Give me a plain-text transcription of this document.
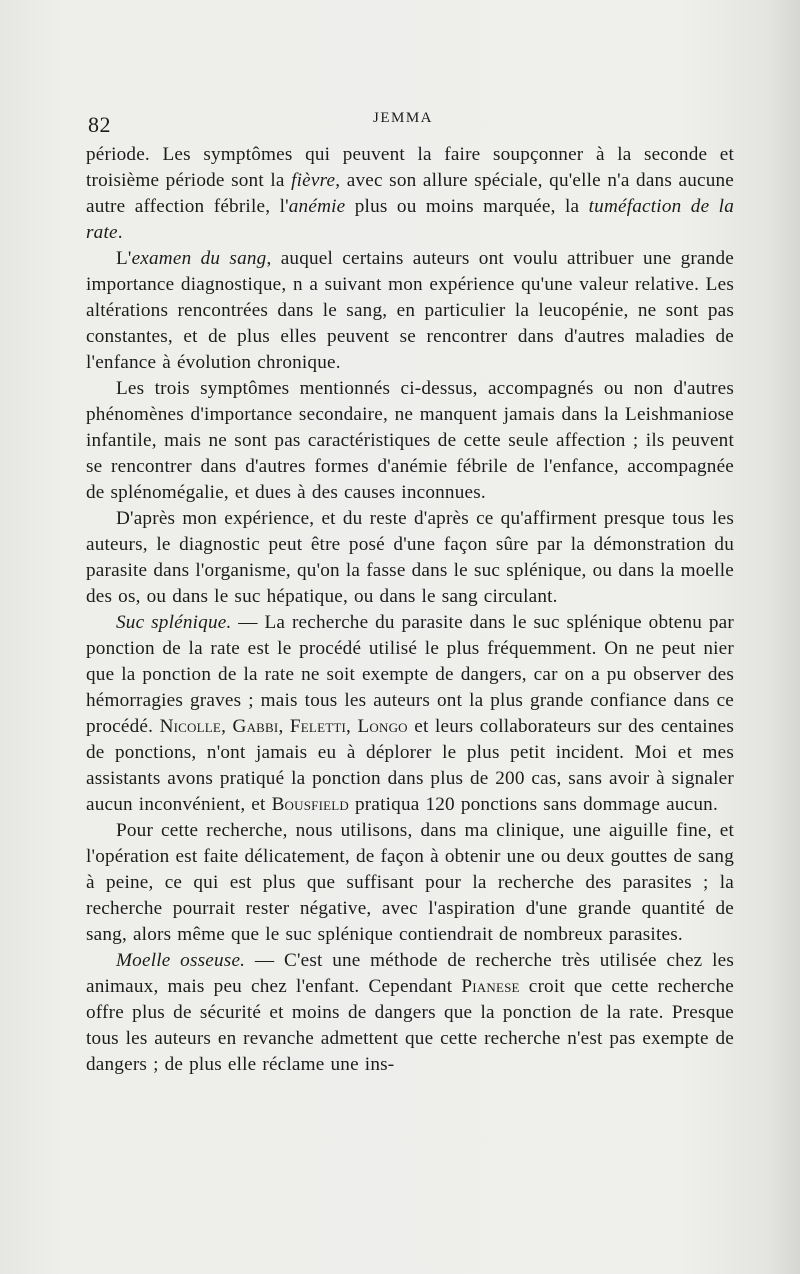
82	JEMMA

période. Les symptômes qui peuvent la faire soupçonner à la seconde et troisième période sont la fièvre, avec son allure spéciale, qu'elle n'a dans aucune autre affection fébrile, l'anémie plus ou moins marquée, la tuméfaction de la rate.

L'examen du sang, auquel certains auteurs ont voulu attribuer une grande importance diagnostique, n a suivant mon expérience qu'une valeur relative. Les altérations rencontrées dans le sang, en particulier la leucopénie, ne sont pas constantes, et de plus elles peuvent se rencontrer dans d'autres maladies de l'enfance à évolution chronique.

Les trois symptômes mentionnés ci-dessus, accompagnés ou non d'autres phénomènes d'importance secondaire, ne manquent jamais dans la Leishmaniose infantile, mais ne sont pas caractéristiques de cette seule affection ; ils peuvent se rencontrer dans d'autres formes d'anémie fébrile de l'enfance, accompagnée de splénomégalie, et dues à des causes inconnues.

D'après mon expérience, et du reste d'après ce qu'affirment presque tous les auteurs, le diagnostic peut être posé d'une façon sûre par la démonstration du parasite dans l'organisme, qu'on la fasse dans le suc splénique, ou dans la moelle des os, ou dans le suc hépatique, ou dans le sang circulant.

Suc splénique. — La recherche du parasite dans le suc splénique obtenu par ponction de la rate est le procédé utilisé le plus fréquemment. On ne peut nier que la ponction de la rate ne soit exempte de dangers, car on a pu observer des hémorragies graves ; mais tous les auteurs ont la plus grande confiance dans ce procédé. Nicolle, Gabbi, Feletti, Longo et leurs collaborateurs sur des centaines de ponctions, n'ont jamais eu à déplorer le plus petit incident. Moi et mes assistants avons pratiqué la ponction dans plus de 200 cas, sans avoir à signaler aucun inconvénient, et Bousfield pratiqua 120 ponctions sans dommage aucun.

Pour cette recherche, nous utilisons, dans ma clinique, une aiguille fine, et l'opération est faite délicatement, de façon à obtenir une ou deux gouttes de sang à peine, ce qui est plus que suffisant pour la recherche des parasites ; la recherche pourrait rester négative, avec l'aspiration d'une grande quantité de sang, alors même que le suc splénique contiendrait de nombreux parasites.

Moelle osseuse. — C'est une méthode de recherche très utilisée chez les animaux, mais peu chez l'enfant. Cependant Pianese croit que cette recherche offre plus de sécurité et moins de dangers que la ponction de la rate. Presque tous les auteurs en revanche admettent que cette recherche n'est pas exempte de dangers ; de plus elle réclame une ins-
